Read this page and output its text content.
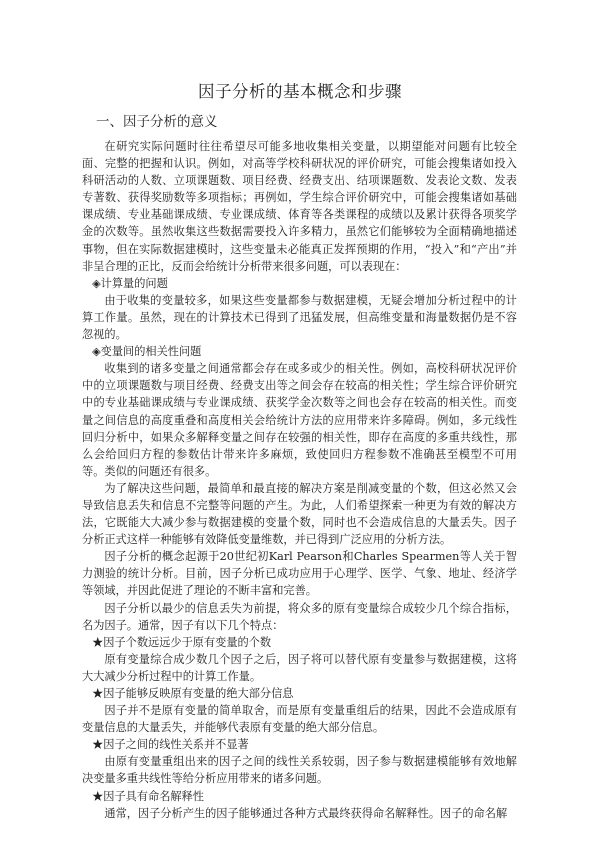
因子分析的基本概念和步骤
一、因子分析的意义

在研究实际问题时往往希望尽可能多地收集相关变量，以期望能对问题有比较全面、完整的把握和认识。例如，对高等学校科研状况的评价研究，可能会搜集诸如投入科研活动的人数、立项课题数、项目经费、经费支出、结项课题数、发表论文数、发表专著数、获得奖励数等多项指标；再例如，学生综合评价研究中，可能会搜集诸如基础课成绩、专业基础课成绩、专业课成绩、体育等各类课程的成绩以及累计获得各项奖学金的次数等。虽然收集这些数据需要投入许多精力，虽然它们能够较为全面精确地描述事物，但在实际数据建模时，这些变量未必能真正发挥预期的作用，“投入”和“产出”并非呈合理的正比，反而会给统计分析带来很多问题，可以表现在：

◈计算量的问题

由于收集的变量较多，如果这些变量都参与数据建模，无疑会增加分析过程中的计算工作量。虽然，现在的计算技术已得到了迅猛发展，但高维变量和海量数据仍是不容忽视的。

◈变量间的相关性问题

收集到的诸多变量之间通常都会存在或多或少的相关性。例如，高校科研状况评价中的立项课题数与项目经费、经费支出等之间会存在较高的相关性；学生综合评价研究中的专业基础课成绩与专业课成绩、获奖学金次数等之间也会存在较高的相关性。而变量之间信息的高度重叠和高度相关会给统计方法的应用带来许多障碍。例如，多元线性回归分析中，如果众多解释变量之间存在较强的相关性，即存在高度的多重共线性，那么会给回归方程的参数估计带来许多麻烦，致使回归方程参数不准确甚至模型不可用等。类似的问题还有很多。

为了解决这些问题，最简单和最直接的解决方案是削减变量的个数，但这必然又会导致信息丢失和信息不完整等问题的产生。为此，人们希望探索一种更为有效的解决方法，它既能大大减少参与数据建模的变量个数，同时也不会造成信息的大量丢失。因子分析正式这样一种能够有效降低变量维数，并已得到广泛应用的分析方法。

因子分析的概念起源于20世纪初Karl Pearson和Charles Spearmen等人关于智力测验的统计分析。目前，因子分析已成功应用于心理学、医学、气象、地址、经济学等领域，并因此促进了理论的不断丰富和完善。

因子分析以最少的信息丢失为前提，将众多的原有变量综合成较少几个综合指标，名为因子。通常，因子有以下几个特点：

★因子个数远远少于原有变量的个数

原有变量综合成少数几个因子之后，因子将可以替代原有变量参与数据建模，这将大大减少分析过程中的计算工作量。

★因子能够反映原有变量的绝大部分信息

因子并不是原有变量的简单取舍，而是原有变量重组后的结果，因此不会造成原有变量信息的大量丢失，并能够代表原有变量的绝大部分信息。

★因子之间的线性关系并不显著

由原有变量重组出来的因子之间的线性关系较弱，因子参与数据建模能够有效地解决变量多重共线性等给分析应用带来的诸多问题。

★因子具有命名解释性

通常，因子分析产生的因子能够通过各种方式最终获得命名解释性。因子的命名解
